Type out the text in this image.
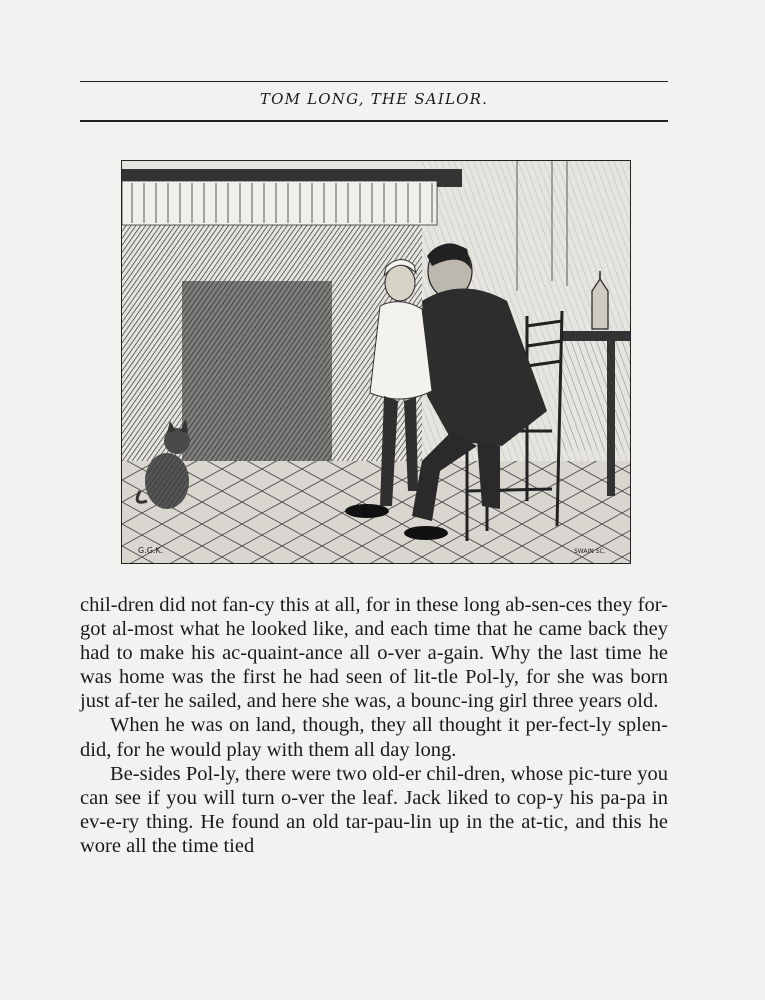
TOM LONG, THE SAILOR.
G.G.K.	SWAIN SC.

chil-dren did not fan-cy this at all, for in these long ab-sen-ces they for-got al-most what he looked like, and each time that he came back they had to make his ac-quaint-ance all o-ver a-gain. Why the last time he was home was the first he had seen of lit-tle Pol-ly, for she was born just af-ter he sailed, and here she was, a bounc-ing girl three years old.

When he was on land, though, they all thought it per-fect-ly splen-did, for he would play with them all day long.

Be-sides Pol-ly, there were two old-er chil-dren, whose pic-ture you can see if you will turn o-ver the leaf. Jack liked to cop-y his pa-pa in ev-e-ry thing. He found an old tar-pau-lin up in the at-tic, and this he wore all the time tied
